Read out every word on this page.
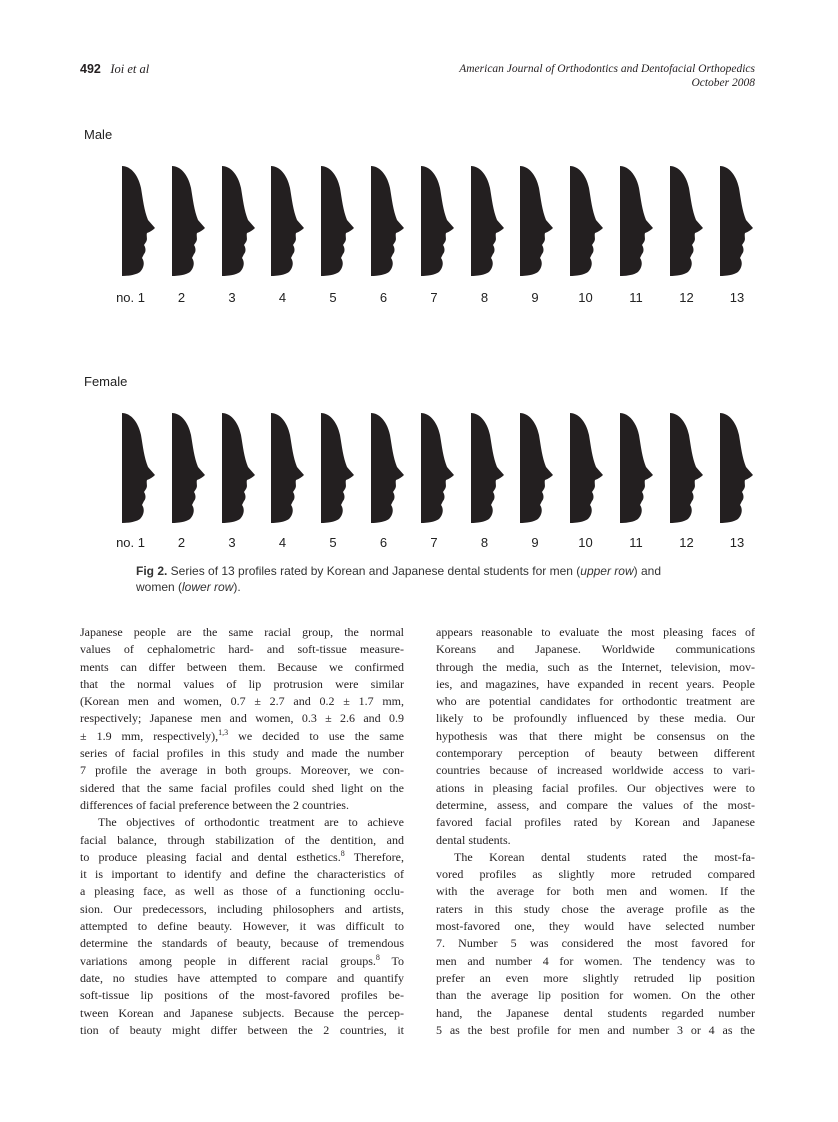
492 Ioi et al	American Journal of Orthodontics and Dentofacial Orthopedics
October 2008
Male
Female
no. 1	2	3	4	5	6	7	8	9	10	11	12	13
no. 1	2	3	4	5	6	7	8	9	10	11	12	13
Fig 2. Series of 13 profiles rated by Korean and Japanese dental students for men (upper row) and
women (lower row).
Japanese people are the same racial group, the normal
values of cephalometric hard- and soft-tissue measure-
ments can differ between them. Because we confirmed
that the normal values of lip protrusion were similar
(Korean men and women, 0.7 ± 2.7 and 0.2 ± 1.7 mm,
respectively; Japanese men and women, 0.3 ± 2.6 and 0.9
± 1.9 mm, respectively),$^{1,3}$ we decided to use the same
series of facial profiles in this study and made the number
7 profile the average in both groups. Moreover, we con-
sidered that the same facial profiles could shed light on the
differences of facial preference between the 2 countries.
The objectives of orthodontic treatment are to achieve
facial balance, through stabilization of the dentition, and
to produce pleasing facial and dental esthetics.$^8$ Therefore,
it is important to identify and define the characteristics of
a pleasing face, as well as those of a functioning occlu-
sion. Our predecessors, including philosophers and artists,
attempted to define beauty. However, it was difficult to
determine the standards of beauty, because of tremendous
variations among people in different racial groups.$^8$ To
date, no studies have attempted to compare and quantify
soft-tissue lip positions of the most-favored profiles be-
tween Korean and Japanese subjects. Because the percep-
tion of beauty might differ between the 2 countries, it
appears reasonable to evaluate the most pleasing faces of
Koreans and Japanese. Worldwide communications
through the media, such as the Internet, television, mov-
ies, and magazines, have expanded in recent years. People
who are potential candidates for orthodontic treatment are
likely to be profoundly influenced by these media. Our
hypothesis was that there might be consensus on the
contemporary perception of beauty between different
countries because of increased worldwide access to vari-
ations in pleasing facial profiles. Our objectives were to
determine, assess, and compare the values of the most-
favored facial profiles rated by Korean and Japanese
dental students.
The Korean dental students rated the most-fa-
vored profiles as slightly more retruded compared
with the average for both men and women. If the
raters in this study chose the average profile as the
most-favored one, they would have selected number
7. Number 5 was considered the most favored for
men and number 4 for women. The tendency was to
prefer an even more slightly retruded lip position
than the average lip position for women. On the other
hand, the Japanese dental students regarded number
5 as the best profile for men and number 3 or 4 as the
